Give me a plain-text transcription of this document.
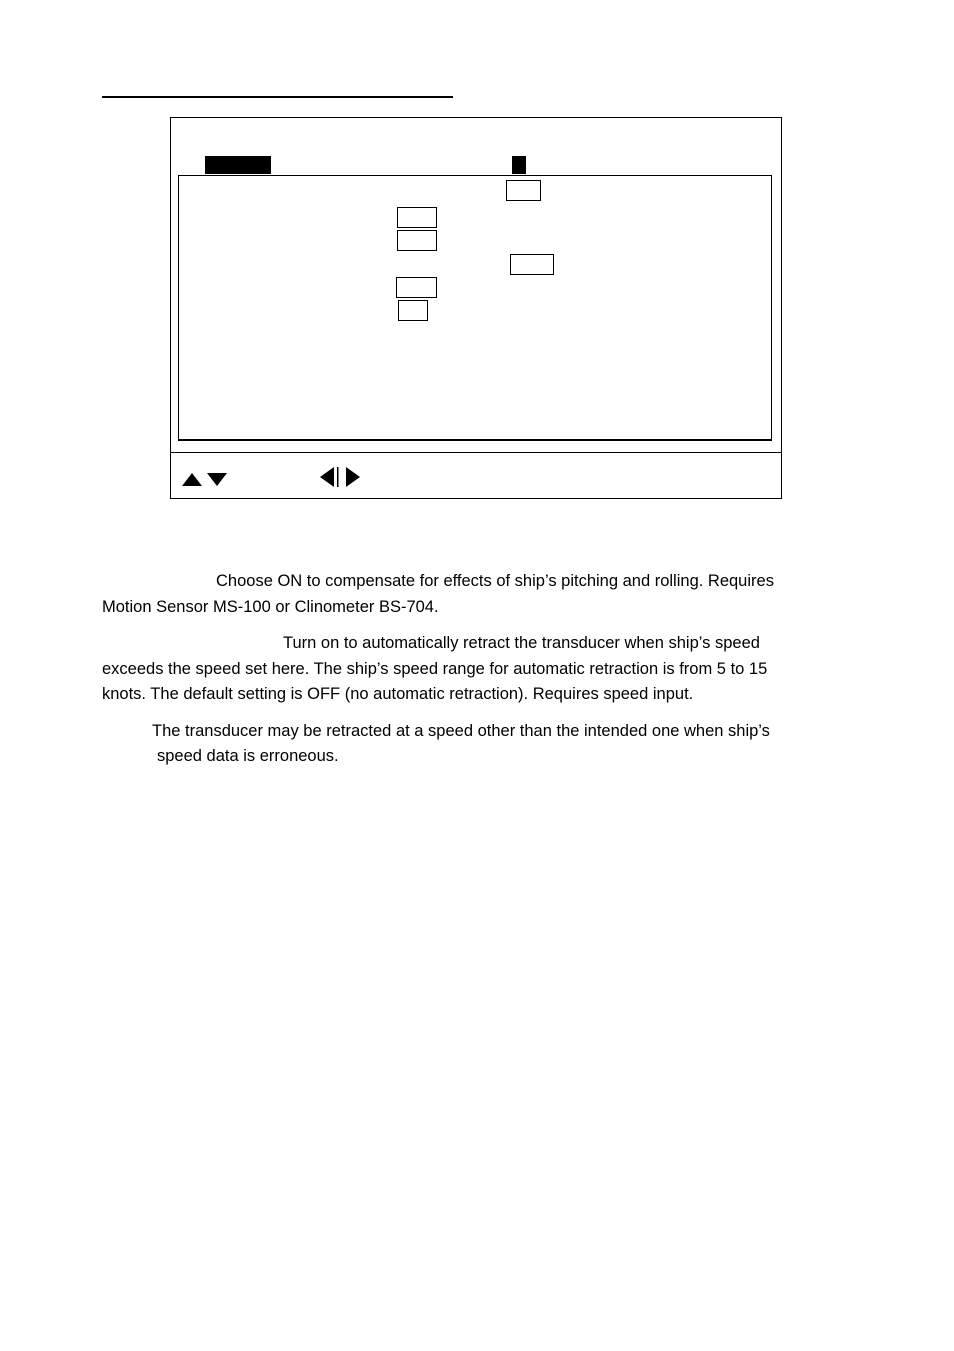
Choose ON to compensate for effects of ship’s pitching and rolling. Requires

Motion Sensor MS-100 or Clinometer BS-704.

Turn on to automatically retract the transducer when ship’s speed

exceeds the speed set here. The ship’s speed range for automatic retraction is from 5 to 15

knots. The default setting is OFF (no automatic retraction). Requires speed input.

The transducer may be retracted at a speed other than the intended one when ship’s

speed data is erroneous.
